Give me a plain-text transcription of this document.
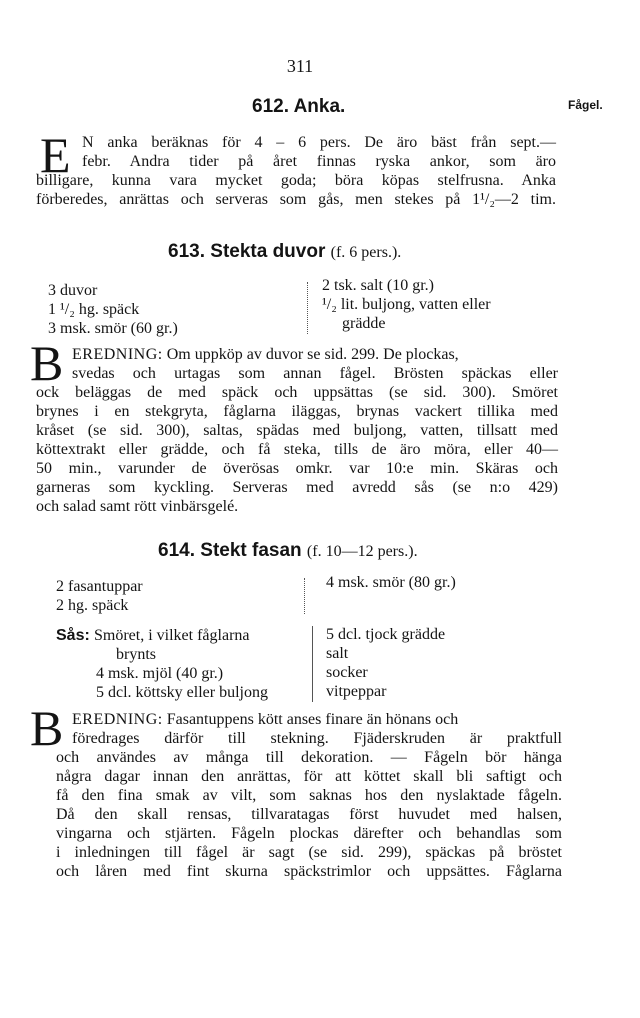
311
Fågel.
612. Anka.
E N anka beräknas för 4 – 6 pers. De äro bäst från sept.—
febr. Andra tider på året finnas ryska ankor, som äro
billigare, kunna vara mycket goda; böra köpas stelfrusna. Anka
förberedes, anrättas och serveras som gås, men stekes på 1¹/₂—2 tim.
613. Stekta duvor (f. 6 pers.).
3 duvor
1 ¹/₂ hg. späck
3 msk. smör (60 gr.)
2 tsk. salt (10 gr.)
¹/₂ lit. buljong, vatten eller
grädde
B EREDNING: Om uppköp av duvor se sid. 299. De plockas,
svedas och urtagas som annan fågel. Brösten späckas eller
ock beläggas de med späck och uppsättas (se sid. 300). Smöret
brynes i en stekgryta, fåglarna iläggas, brynas vackert tillika med
kråset (se sid. 300), saltas, spädas med buljong, vatten, tillsatt med
köttextrakt eller grädde, och få steka, tills de äro möra, eller 40—
50 min., varunder de överösas omkr. var 10:e min. Skäras och
garneras som kyckling. Serveras med avredd sås (se n:o 429)
och salad samt rött vinbärsgelé.
614. Stekt fasan (f. 10—12 pers.).
2 fasantuppar
2 hg. späck
4 msk. smör (80 gr.)
Sås: Smöret, i vilket fåglarna
brynts
4 msk. mjöl (40 gr.)
5 dcl. köttsky eller buljong
5 dcl. tjock grädde
salt
socker
vitpeppar
B EREDNING: Fasantuppens kött anses finare än hönans och
föredrages därför till stekning. Fjäderskruden är praktfull
och användes av många till dekoration. — Fågeln bör hänga
några dagar innan den anrättas, för att köttet skall bli saftigt och
få den fina smak av vilt, som saknas hos den nyslaktade fågeln.
Då den skall rensas, tillvaratagas först huvudet med halsen,
vingarna och stjärten. Fågeln plockas därefter och behandlas som
i inledningen till fågel är sagt (se sid. 299), späckas på bröstet
och låren med fint skurna späckstrimlor och uppsättes. Fåglarna
